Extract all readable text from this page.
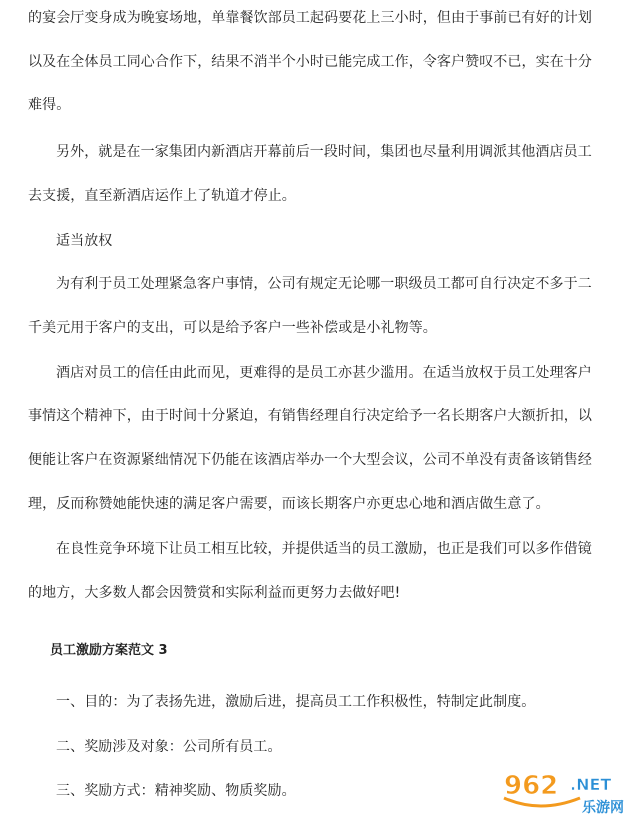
的宴会厅变身成为晚宴场地，单靠餐饮部员工起码要花上三小时，但由于事前已有好的计划
以及在全体员工同心合作下，结果不消半个小时已能完成工作，令客户赞叹不已，实在十分
难得。
另外，就是在一家集团内新酒店开幕前后一段时间，集团也尽量利用调派其他酒店员工
去支援，直至新酒店运作上了轨道才停止。
适当放权
为有利于员工处理紧急客户事情，公司有规定无论哪一职级员工都可自行决定不多于二
千美元用于客户的支出，可以是给予客户一些补偿或是小礼物等。
酒店对员工的信任由此而见，更难得的是员工亦甚少滥用。在适当放权于员工处理客户
事情这个精神下，由于时间十分紧迫，有销售经理自行决定给予一名长期客户大额折扣，以
便能让客户在资源紧绌情况下仍能在该酒店举办一个大型会议，公司不单没有责备该销售经
理，反而称赞她能快速的满足客户需要，而该长期客户亦更忠心地和酒店做生意了。
在良性竞争环境下让员工相互比较，并提供适当的员工激励，也正是我们可以多作借镜
的地方，大多数人都会因赞赏和实际利益而更努力去做好吧!
员工激励方案范文 3
一、目的：为了表扬先进，激励后进，提高员工工作积极性，特制定此制度。
二、奖励涉及对象：公司所有员工。
三、奖励方式：精神奖励、物质奖励。	962 .NET
乐游网
